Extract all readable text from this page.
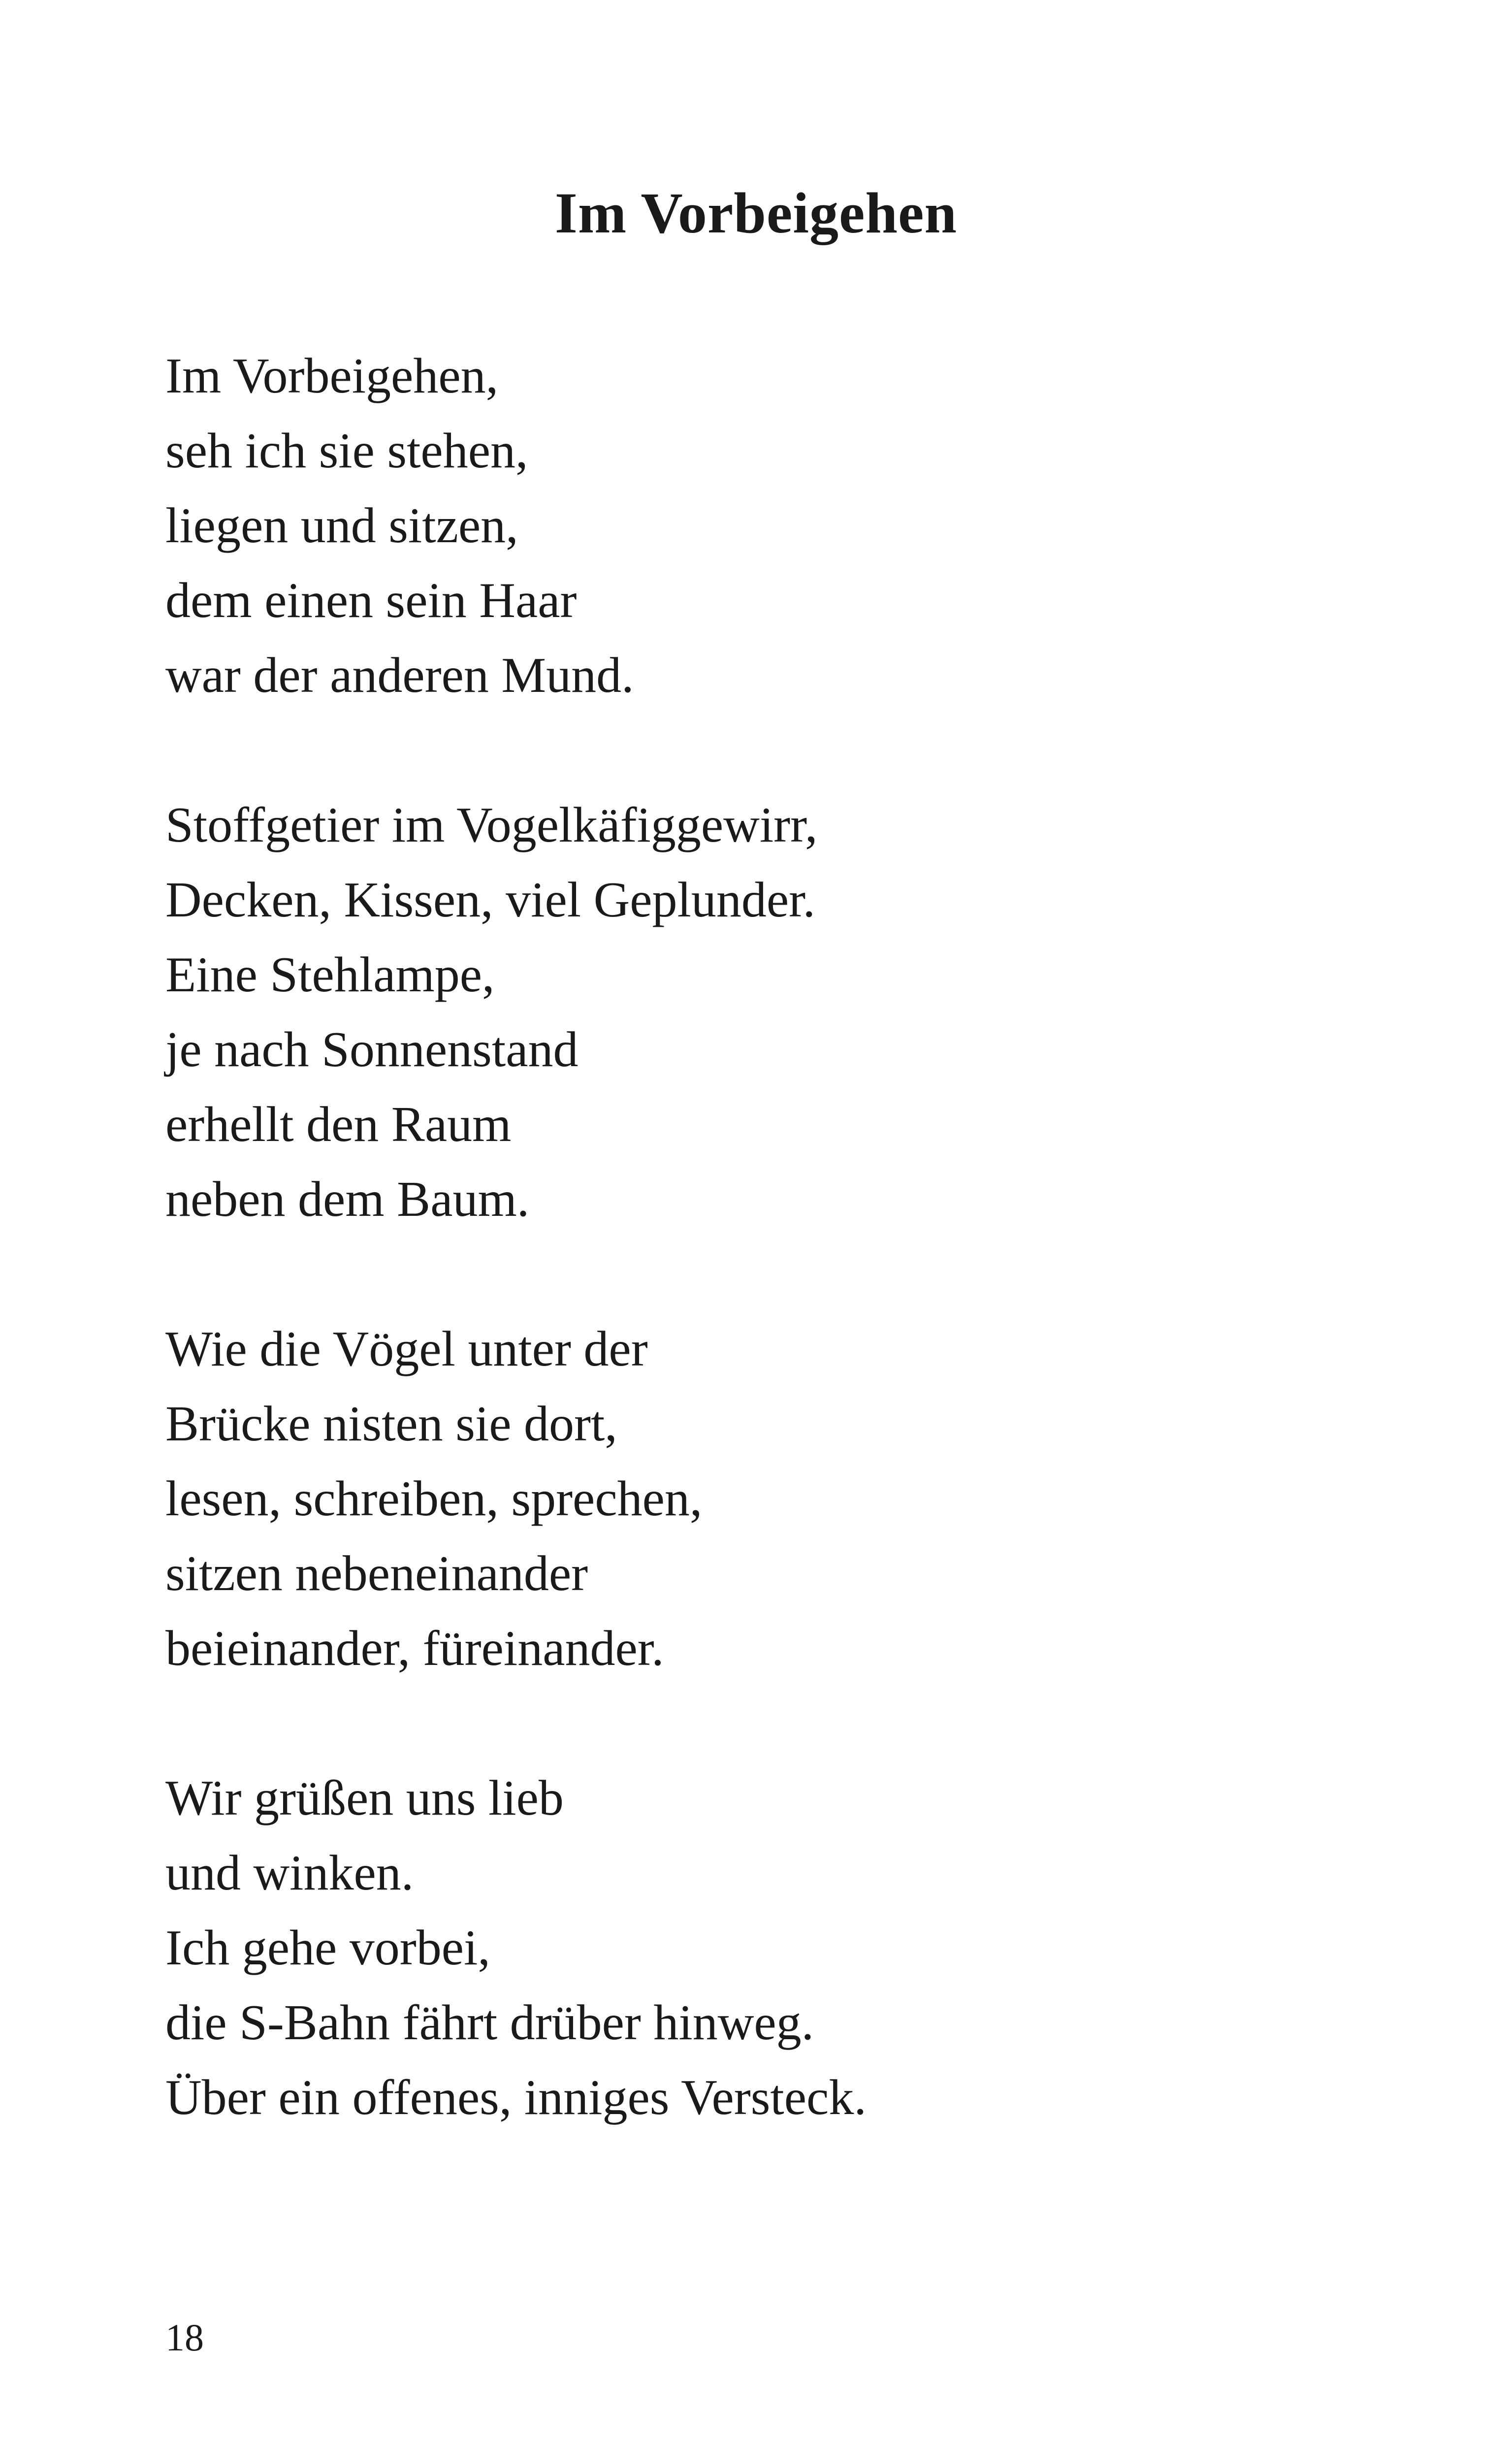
Im Vorbeigehen

Im Vorbeigehen,
seh ich sie stehen,
liegen und sitzen,
dem einen sein Haar
war der anderen Mund.

Stoffgetier im Vogelkäfiggewirr,
Decken, Kissen, viel Geplunder.
Eine Stehlampe,
je nach Sonnenstand
erhellt den Raum
neben dem Baum.

Wie die Vögel unter der
Brücke nisten sie dort,
lesen, schreiben, sprechen,
sitzen nebeneinander
beieinander, füreinander.

Wir grüßen uns lieb
und winken.
Ich gehe vorbei,
die S-Bahn fährt drüber hinweg.
Über ein offenes, inniges Versteck.

18
